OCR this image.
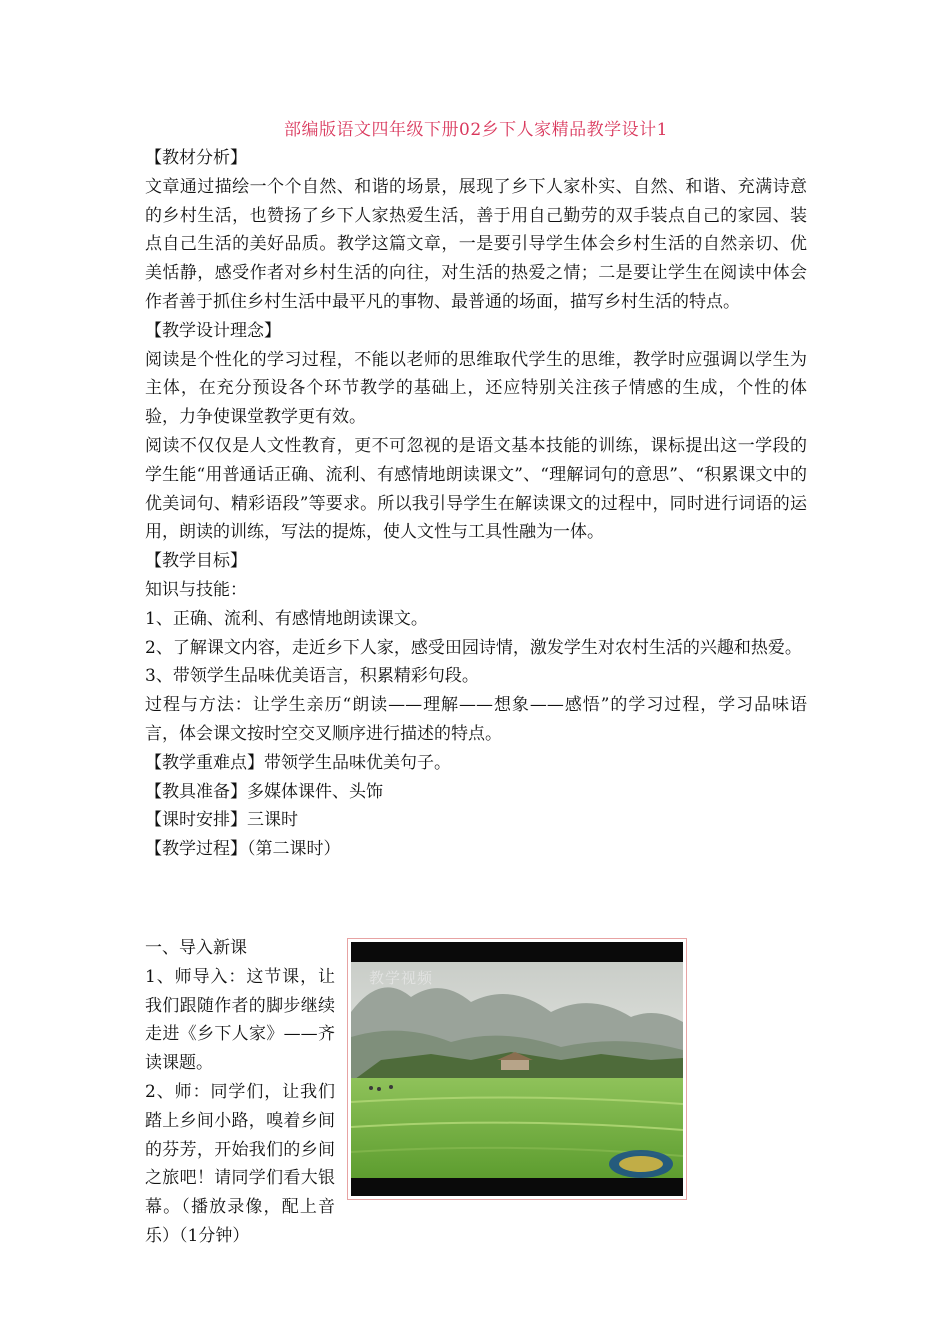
部编版语文四年级下册02乡下人家精品教学设计1

【教材分析】

文章通过描绘一个个自然、和谐的场景，展现了乡下人家朴实、自然、和谐、充满诗意的乡村生活，也赞扬了乡下人家热爱生活，善于用自己勤劳的双手装点自己的家园、装点自己生活的美好品质。教学这篇文章，一是要引导学生体会乡村生活的自然亲切、优美恬静，感受作者对乡村生活的向往，对生活的热爱之情；二是要让学生在阅读中体会作者善于抓住乡村生活中最平凡的事物、最普通的场面，描写乡村生活的特点。

【教学设计理念】

阅读是个性化的学习过程，不能以老师的思维取代学生的思维，教学时应强调以学生为主体，在充分预设各个环节教学的基础上，还应特别关注孩子情感的生成，个性的体验，力争使课堂教学更有效。

阅读不仅仅是人文性教育，更不可忽视的是语文基本技能的训练，课标提出这一学段的学生能“用普通话正确、流利、有感情地朗读课文”、“理解词句的意思”、“积累课文中的优美词句、精彩语段”等要求。所以我引导学生在解读课文的过程中，同时进行词语的运用，朗读的训练，写法的提炼，使人文性与工具性融为一体。

【教学目标】

知识与技能：

1、正确、流利、有感情地朗读课文。

2、了解课文内容，走近乡下人家，感受田园诗情，激发学生对农村生活的兴趣和热爱。

3、带领学生品味优美语言，积累精彩句段。

过程与方法：让学生亲历“朗读——理解——想象——感悟”的学习过程，学习品味语言，体会课文按时空交叉顺序进行描述的特点。

【教学重难点】带领学生品味优美句子。

【教具准备】多媒体课件、头饰

【课时安排】三课时

【教学过程】（第二课时）

教学视频

一、导入新课

1、师导入：这节课，让我们跟随作者的脚步继续走进《乡下人家》——齐读课题。

2、师：同学们，让我们踏上乡间小路，嗅着乡间的芬芳，开始我们的乡间之旅吧！请同学们看大银幕。（播放录像，配上音乐）（1分钟）
